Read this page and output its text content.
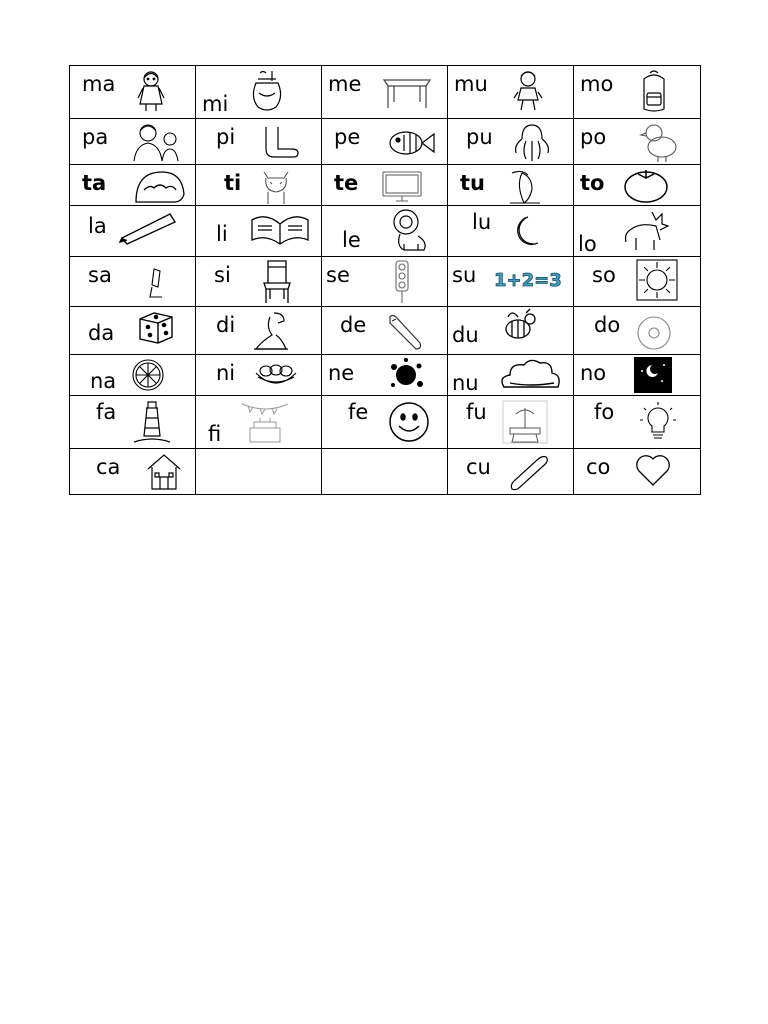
ma	mi	me	mu	mo

pa	pi	pe	pu	po

ta	ti	te	tu	to

la	li	le	lu	lo

sa	si	se	su 1+2=3	so

da	di	de	du	do

na	ni	ne	nu	no

fa	fi	fe	fu	fo

ca			cu	co
